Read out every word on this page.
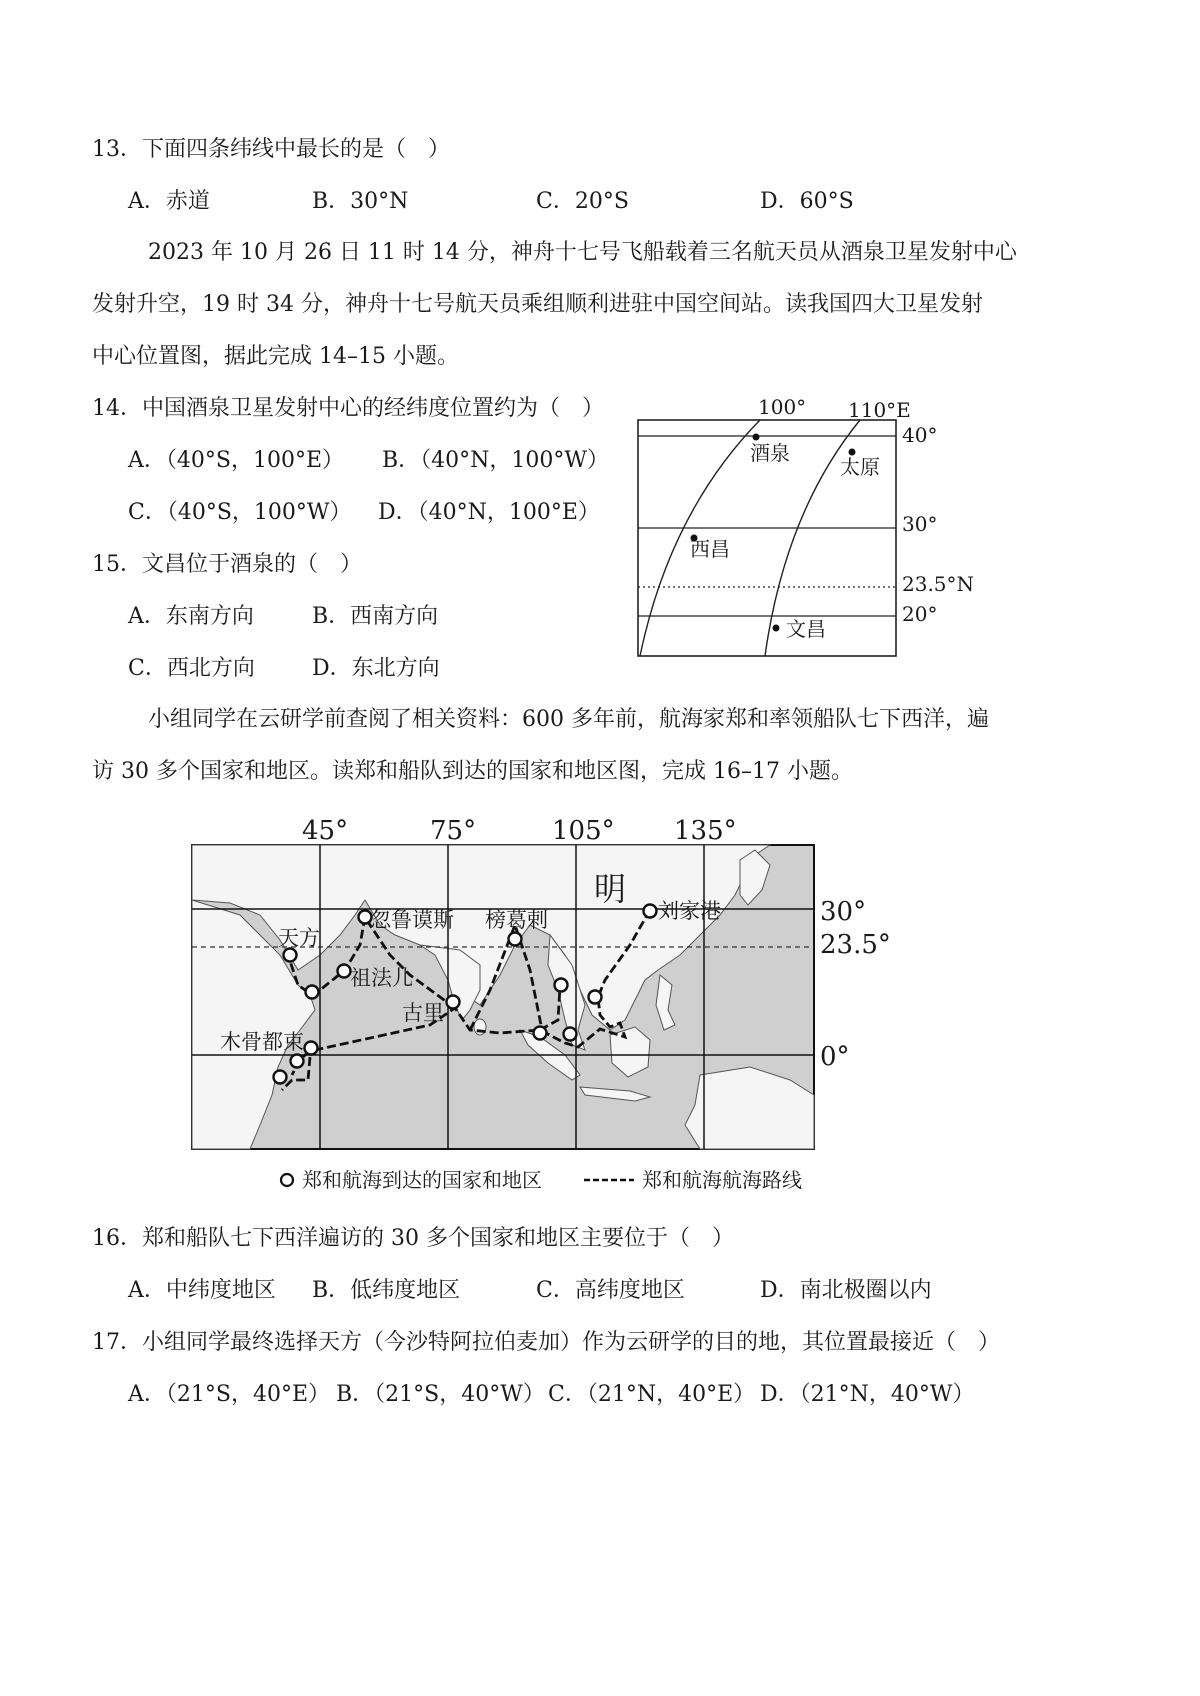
13．下面四条纬线中最长的是（　）
A．赤道	B．30°N	C．20°S	D．60°S
2023 年 10 月 26 日 11 时 14 分，神舟十七号飞船载着三名航天员从酒泉卫星发射中心
发射升空，19 时 34 分，神舟十七号航天员乘组顺利进驻中国空间站。读我国四大卫星发射
中心位置图，据此完成 14–15 小题。
14．中国酒泉卫星发射中心的经纬度位置约为（　）
A．（40°S，100°E） B．（40°N，100°W）
C．（40°S，100°W） D．（40°N，100°E）
15．文昌位于酒泉的（　）
A．东南方向	B．西南方向
C．西北方向	D．东北方向
100° 110°E
40°
30°
23.5°N
20°
酒泉
太原
西昌
文昌
小组同学在云研学前查阅了相关资料：600 多年前，航海家郑和率领船队七下西洋，遍
访 30 多个国家和地区。读郑和船队到达的国家和地区图，完成 16–17 小题。
45°	75°	105° 135°
30°
23.5°
0°
明
刘家港
忽鲁谟斯 榜葛剌
天方
祖法儿
古里
木骨都束
郑和航海到达的国家和地区	郑和航海航海路线
16．郑和船队七下西洋遍访的 30 多个国家和地区主要位于（　）
A．中纬度地区 B．低纬度地区	C．高纬度地区	D．南北极圈以内
17．小组同学最终选择天方（今沙特阿拉伯麦加）作为云研学的目的地，其位置最接近（　）
A．（21°S，40°E） B．（21°S，40°W） C．（21°N，40°E） D．（21°N，40°W）
